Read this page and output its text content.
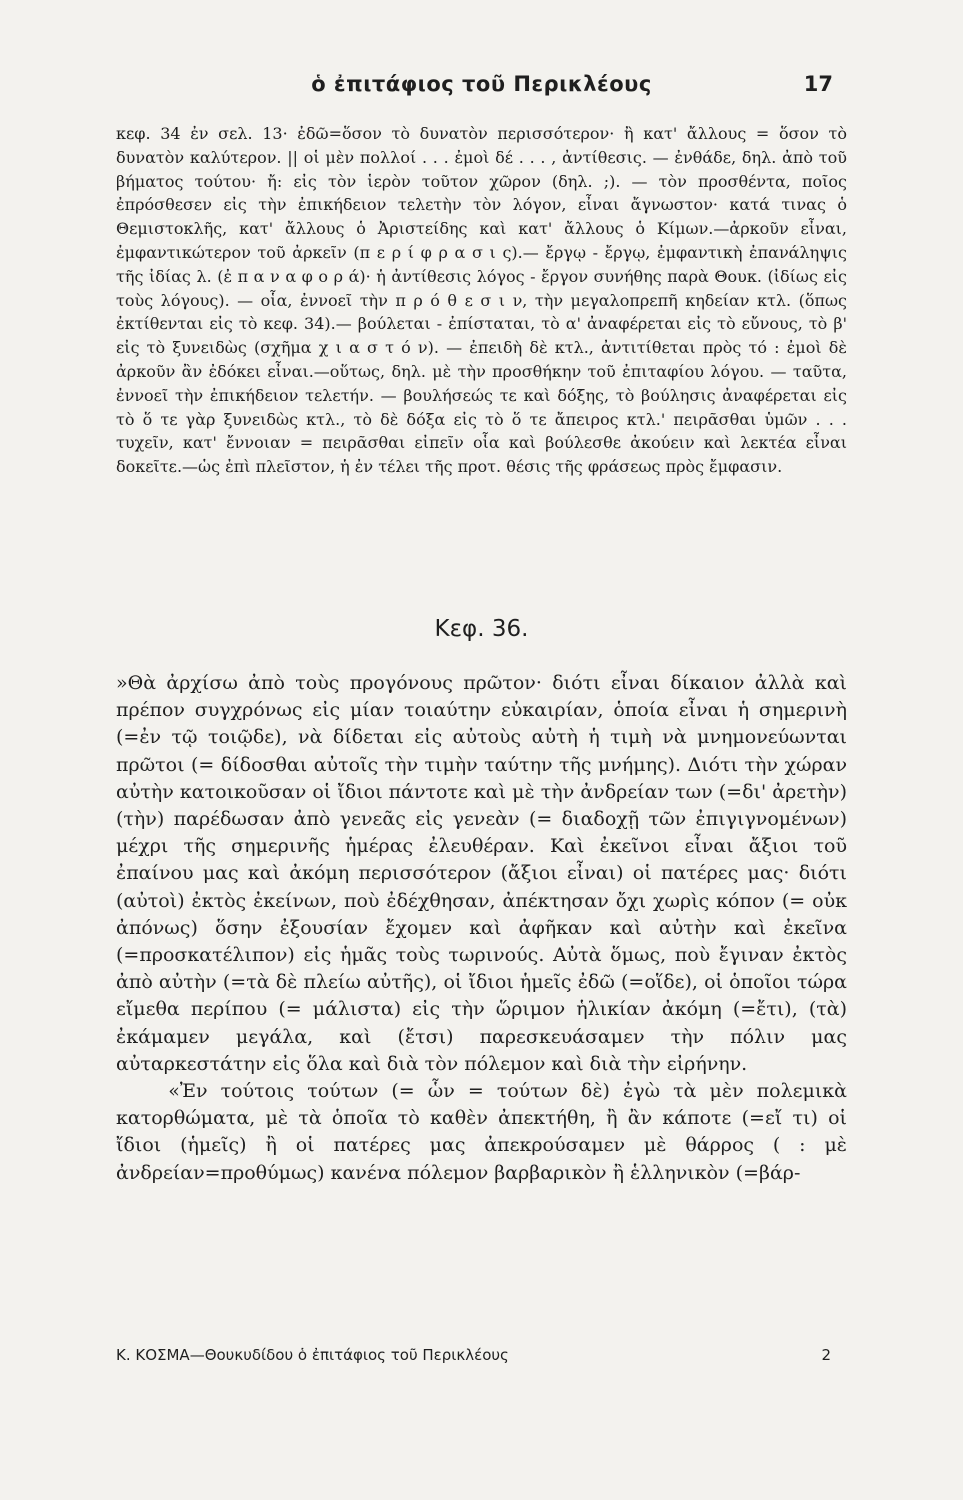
ὁ ἐπιτάφιος τοῦ Περικλέους	17

κεφ. 34 ἐν σελ. 13· ἐδῶ=ὅσον τὸ δυνατὸν περισσότερον· ἢ κατ' ἄλλους = ὅσον τὸ δυνατὸν καλύτερον. || οἱ μὲν πολλοί . . . ἐμοὶ δέ . . . , ἀντίθεσις. — ἐνθάδε, δηλ. ἀπὸ τοῦ βήματος τούτου· ἤ: εἰς τὸν ἱερὸν τοῦτον χῶρον (δηλ. ;). — τὸν προσθέντα, ποῖος ἐπρόσθεσεν εἰς τὴν ἐπικήδειον τελετὴν τὸν λόγον, εἶναι ἄγνωστον· κατά τινας ὁ Θεμιστοκλῆς, κατ' ἄλλους ὁ Ἀριστείδης καὶ κατ' ἄλλους ὁ Κίμων.—ἀρκοῦν εἶναι, ἐμφαντικώτερον τοῦ ἀρκεῖν (π ε ρ ί φ ρ α σ ι ς).— ἔργῳ - ἔργῳ, ἐμφαντικὴ ἐπανάληψις τῆς ἰδίας λ. (ἐ π α ν α φ ο ρ ά)· ἡ ἀντίθεσις λόγος - ἔργον συνήθης παρὰ Θουκ. (ἰδίως εἰς τοὺς λόγους). — οἷα, ἐννοεῖ τὴν π ρ ό θ ε σ ι ν, τὴν μεγαλοπρεπῆ κηδείαν κτλ. (ὅπως ἐκτίθενται εἰς τὸ κεφ. 34).— βούλεται - ἐπίσταται, τὸ α' ἀναφέρεται εἰς τὸ εὔνους, τὸ β' εἰς τὸ ξυνειδὼς (σχῆμα χ ι α σ τ ό ν). — ἐπειδὴ δὲ κτλ., ἀντιτίθεται πρὸς τό : ἐμοὶ δὲ ἀρκοῦν ἂν ἐδόκει εἶναι.—οὕτως, δηλ. μὲ τὴν προσθήκην τοῦ ἐπιταφίου λόγου. — ταῦτα, ἐννοεῖ τὴν ἐπικήδειον τελετήν. — βουλήσεώς τε καὶ δόξης, τὸ βούλησις ἀναφέρεται εἰς τὸ ὅ τε γὰρ ξυνειδὼς κτλ., τὸ δὲ δόξα εἰς τὸ ὅ τε ἄπειρος κτλ.' πειρᾶσθαι ὑμῶν . . . τυχεῖν, κατ' ἔννοιαν = πειρᾶσθαι εἰπεῖν οἷα καὶ βούλεσθε ἀκούειν καὶ λεκτέα εἶναι δοκεῖτε.—ὡς ἐπὶ πλεῖστον, ἡ ἐν τέλει τῆς προτ. θέσις τῆς φράσεως πρὸς ἔμφασιν.

Κεφ. 36.

»Θὰ ἀρχίσω ἀπὸ τοὺς προγόνους πρῶτον· διότι εἶναι δίκαιον ἀλλὰ καὶ πρέπον συγχρόνως εἰς μίαν τοιαύτην εὐκαιρίαν, ὁποία εἶναι ἡ σημερινὴ (=ἐν τῷ τοιῷδε), νὰ δίδεται εἰς αὐτοὺς αὐτὴ ἡ τιμὴ νὰ μνημονεύωνται πρῶτοι (= δίδοσθαι αὐτοῖς τὴν τιμὴν ταύτην τῆς μνήμης). Διότι τὴν χώραν αὐτὴν κατοικοῦσαν οἱ ἴδιοι πάντοτε καὶ μὲ τὴν ἀνδρείαν των (=δι' ἀρετὴν) (τὴν) παρέδωσαν ἀπὸ γενεᾶς εἰς γενεὰν (= διαδοχῇ τῶν ἐπιγιγνομένων) μέχρι τῆς σημερινῆς ἡμέρας ἐλευθέραν. Καὶ ἐκεῖνοι εἶναι ἄξιοι τοῦ ἐπαίνου μας καὶ ἀκόμη περισσότερον (ἄξιοι εἶναι) οἱ πατέρες μας· διότι (αὐτοὶ) ἐκτὸς ἐκείνων, ποὺ ἐδέχθησαν, ἀπέκτησαν ὄχι χωρὶς κόπον (= οὐκ ἀπόνως) ὅσην ἐξουσίαν ἔχομεν καὶ ἀφῆκαν καὶ αὐτὴν καὶ ἐκεῖνα (=προσκατέλιπον) εἰς ἡμᾶς τοὺς τωρινούς. Αὐτὰ ὅμως, ποὺ ἔγιναν ἐκτὸς ἀπὸ αὐτὴν (=τὰ δὲ πλείω αὐτῆς), οἱ ἴδιοι ἡμεῖς ἐδῶ (=οἵδε), οἱ ὁποῖοι τώρα εἴμεθα περίπου (= μάλιστα) εἰς τὴν ὥριμον ἡλικίαν ἀκόμη (=ἔτι), (τὰ) ἐκάμαμεν μεγάλα, καὶ (ἔτσι) παρεσκευάσαμεν τὴν πόλιν μας αὐταρκεστάτην εἰς ὅλα καὶ διὰ τὸν πόλεμον καὶ διὰ τὴν εἰρήνην.
«Ἐν τούτοις τούτων (= ὧν = τούτων δὲ) ἐγὼ τὰ μὲν πολεμικὰ κατορθώματα, μὲ τὰ ὁποῖα τὸ καθὲν ἀπεκτήθη, ἢ ἂν κάποτε (=εἴ τι) οἱ ἴδιοι (ἡμεῖς) ἢ οἱ πατέρες μας ἀπεκρούσαμεν μὲ θάρρος ( : μὲ ἀνδρείαν=προθύμως) κανένα πόλεμον βαρβαρικὸν ἢ ἑλληνικὸν (=βάρ-

Κ. ΚΟΣΜΑ—Θουκυδίδου ὁ ἐπιτάφιος τοῦ Περικλέους	2
